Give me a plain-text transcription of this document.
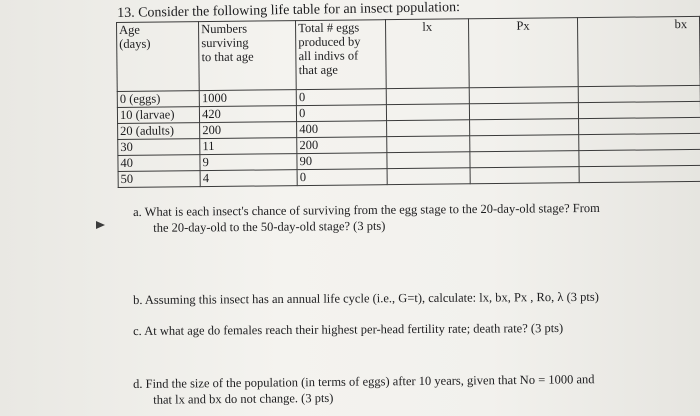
13. Consider the following life table for an insect population:
Age
(days)	Numbers
surviving
to that age	Total # eggs
produced by
all indivs of
that age	lx	Px	bx

0 (eggs)	1000	0			
10 (larvae)	420	0			
20 (adults)	200	400			
30	11	200			
40	9	90			
50	4	0			
a. What is each insect's chance of surviving from the egg stage to the 20-day-old stage? From
the 20-day-old to the 50-day-old stage? (3 pts)
b. Assuming this insect has an annual life cycle (i.e., G=t), calculate: lx, bx, Px , Ro, λ (3 pts)
c. At what age do females reach their highest per-head fertility rate; death rate? (3 pts)
d. Find the size of the population (in terms of eggs) after 10 years, given that No = 1000 and
that lx and bx do not change. (3 pts)
